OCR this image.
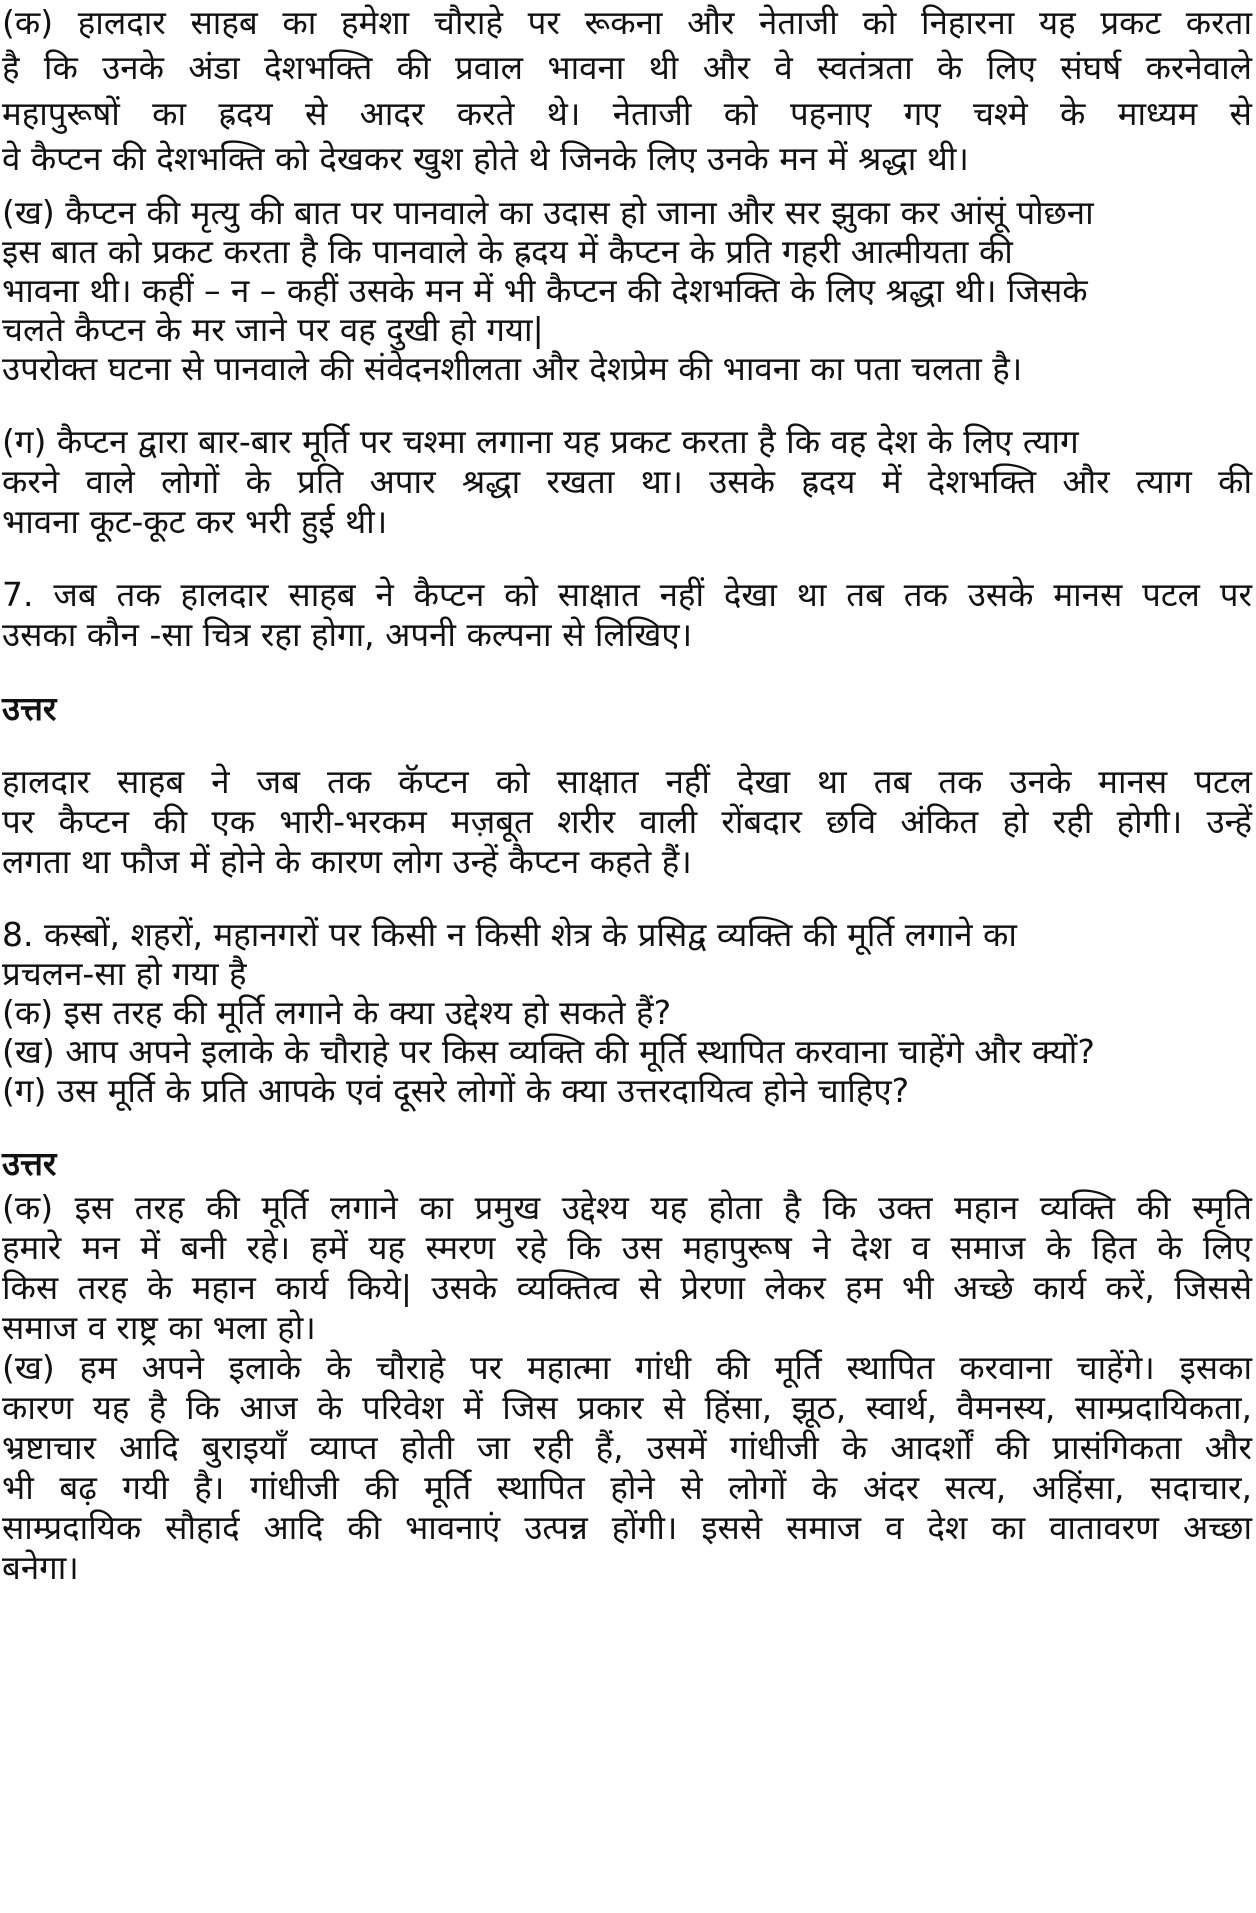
(क) हालदार साहब का हमेशा चौराहे पर रूकना और नेताजी को निहारना यह प्रकट करता
है कि उनके अंडा देशभक्ति की प्रवाल भावना थी और वे स्वतंत्रता के लिए संघर्ष करनेवाले
महापुरूषों का ह्रदय से आदर करते थे। नेताजी को पहनाए गए चश्मे के माध्यम से
वे कैप्टन की देशभक्ति को देखकर खुश होते थे जिनके लिए उनके मन में श्रद्धा थी।
(ख) कैप्टन की मृत्यु की बात पर पानवाले का उदास हो जाना और सर झुका कर आंसूं पोछना
इस बात को प्रकट करता है कि पानवाले के ह्रदय में कैप्टन के प्रति गहरी आत्मीयता की
भावना थी। कहीं – न – कहीं उसके मन में भी कैप्टन की देशभक्ति के लिए श्रद्धा थी। जिसके
चलते कैप्टन के मर जाने पर वह दुखी हो गया|
उपरोक्त घटना से पानवाले की संवेदनशीलता और देशप्रेम की भावना का पता चलता है।
(ग) कैप्टन द्वारा बार-बार मूर्ति पर चश्मा लगाना यह प्रकट करता है कि वह देश के लिए त्याग
करने वाले लोगों के प्रति अपार श्रद्धा रखता था। उसके ह्रदय में देशभक्ति और त्याग की
भावना कूट-कूट कर भरी हुई थी।
7. जब तक हालदार साहब ने कैप्टन को साक्षात नहीं देखा था तब तक उसके मानस पटल पर
उसका कौन -सा चित्र रहा होगा, अपनी कल्पना से लिखिए।
उत्तर
हालदार साहब ने जब तक कॅप्टन को साक्षात नहीं देखा था तब तक उनके मानस पटल
पर कैप्टन की एक भारी-भरकम मज़बूत शरीर वाली रोंबदार छवि अंकित हो रही होगी। उन्हें
लगता था फौज में होने के कारण लोग उन्हें कैप्टन कहते हैं।
8. कस्बों, शहरों, महानगरों पर किसी न किसी शेत्र के प्रसिद्व व्यक्ति की मूर्ति लगाने का
प्रचलन-सा हो गया है
(क) इस तरह की मूर्ति लगाने के क्या उद्देश्य हो सकते हैं?
(ख) आप अपने इलाके के चौराहे पर किस व्यक्ति की मूर्ति स्थापित करवाना चाहेंगे और क्यों?
(ग) उस मूर्ति के प्रति आपके एवं दूसरे लोगों के क्या उत्तरदायित्व होने चाहिए?
उत्तर
(क) इस तरह की मूर्ति लगाने का प्रमुख उद्देश्य यह होता है कि उक्त महान व्यक्ति की स्मृति
हमारे मन में बनी रहे। हमें यह स्मरण रहे कि उस महापुरूष ने देश व समाज के हित के लिए
किस तरह के महान कार्य किये| उसके व्यक्तित्व से प्रेरणा लेकर हम भी अच्छे कार्य करें, जिससे
समाज व राष्ट्र का भला हो।
(ख) हम अपने इलाके के चौराहे पर महात्मा गांधी की मूर्ति स्थापित करवाना चाहेंगे। इसका
कारण यह है कि आज के परिवेश में जिस प्रकार से हिंसा, झूठ, स्वार्थ, वैमनस्य, साम्प्रदायिकता,
भ्रष्टाचार आदि बुराइयाँ व्याप्त होती जा रही हैं, उसमें गांधीजी के आदर्शों की प्रासंगिकता और
भी बढ़ गयी है। गांधीजी की मूर्ति स्थापित होने से लोगों के अंदर सत्य, अहिंसा, सदाचार,
साम्प्रदायिक सौहार्द आदि की भावनाएं उत्पन्न होंगी। इससे समाज व देश का वातावरण अच्छा
बनेगा।
